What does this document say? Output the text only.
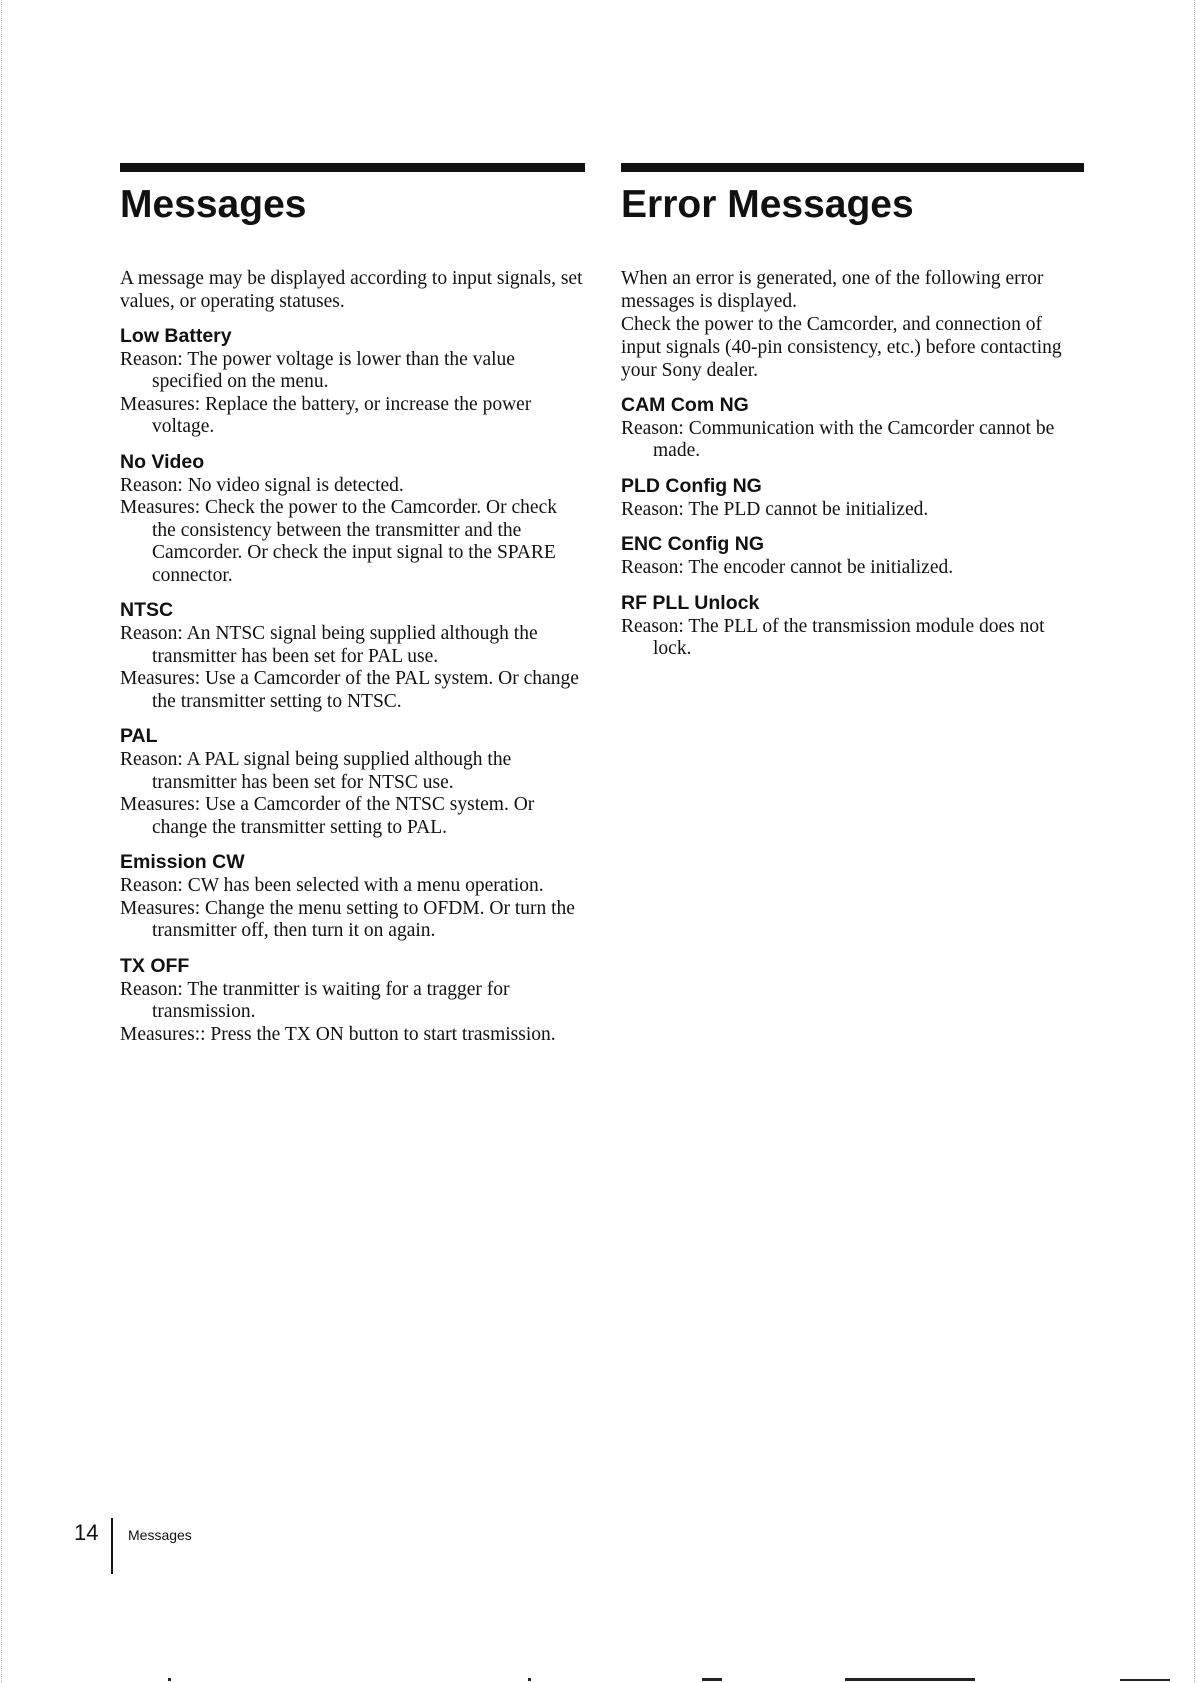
Messages

A message may be displayed according to input signals, set values, or operating statuses.

Low Battery

Reason: The power voltage is lower than the value specified on the menu.

Measures: Replace the battery, or increase the power voltage.

No Video

Reason: No video signal is detected.

Measures: Check the power to the Camcorder. Or check the consistency between the transmitter and the Camcorder. Or check the input signal to the SPARE connector.

NTSC

Reason: An NTSC signal being supplied although the transmitter has been set for PAL use.

Measures: Use a Camcorder of the PAL system. Or change the transmitter setting to NTSC.

PAL

Reason: A PAL signal being supplied although the transmitter has been set for NTSC use.

Measures: Use a Camcorder of the NTSC system. Or change the transmitter setting to PAL.

Emission CW

Reason: CW has been selected with a menu operation.

Measures: Change the menu setting to OFDM. Or turn the transmitter off, then turn it on again.

TX OFF

Reason: The tranmitter is waiting for a tragger for transmission.

Measures:: Press the TX ON button to start trasmission.

Error Messages

When an error is generated, one of the following error messages is displayed.

Check the power to the Camcorder, and connection of input signals (40-pin consistency, etc.) before contacting your Sony dealer.

CAM Com NG

Reason: Communication with the Camcorder cannot be made.

PLD Config NG

Reason: The PLD cannot be initialized.

ENC Config NG

Reason: The encoder cannot be initialized.

RF PLL Unlock

Reason: The PLL of the transmission module does not lock.

14 Messages
